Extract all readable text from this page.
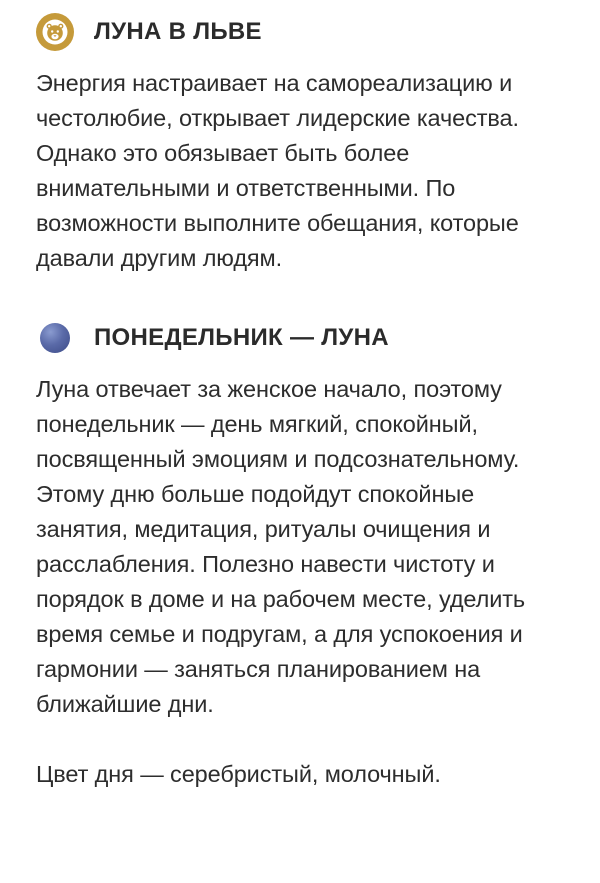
ЛУНА В ЛЬВЕ

Энергия настраивает на самореализацию и честолюбие, открывает лидерские качества. Однако это обязывает быть более внимательными и ответственными. По возможности выполните обещания, которые давали другим людям.

ПОНЕДЕЛЬНИК — ЛУНА

Луна отвечает за женское начало, поэтому понедельник — день мягкий, спокойный, посвященный эмоциям и подсознательному. Этому дню больше подойдут спокойные занятия, медитация, ритуалы очищения и расслабления. Полезно навести чистоту и порядок в доме и на рабочем месте, уделить время семье и подругам, а для успокоения и гармонии — заняться планированием на ближайшие дни.

Цвет дня — серебристый, молочный.
